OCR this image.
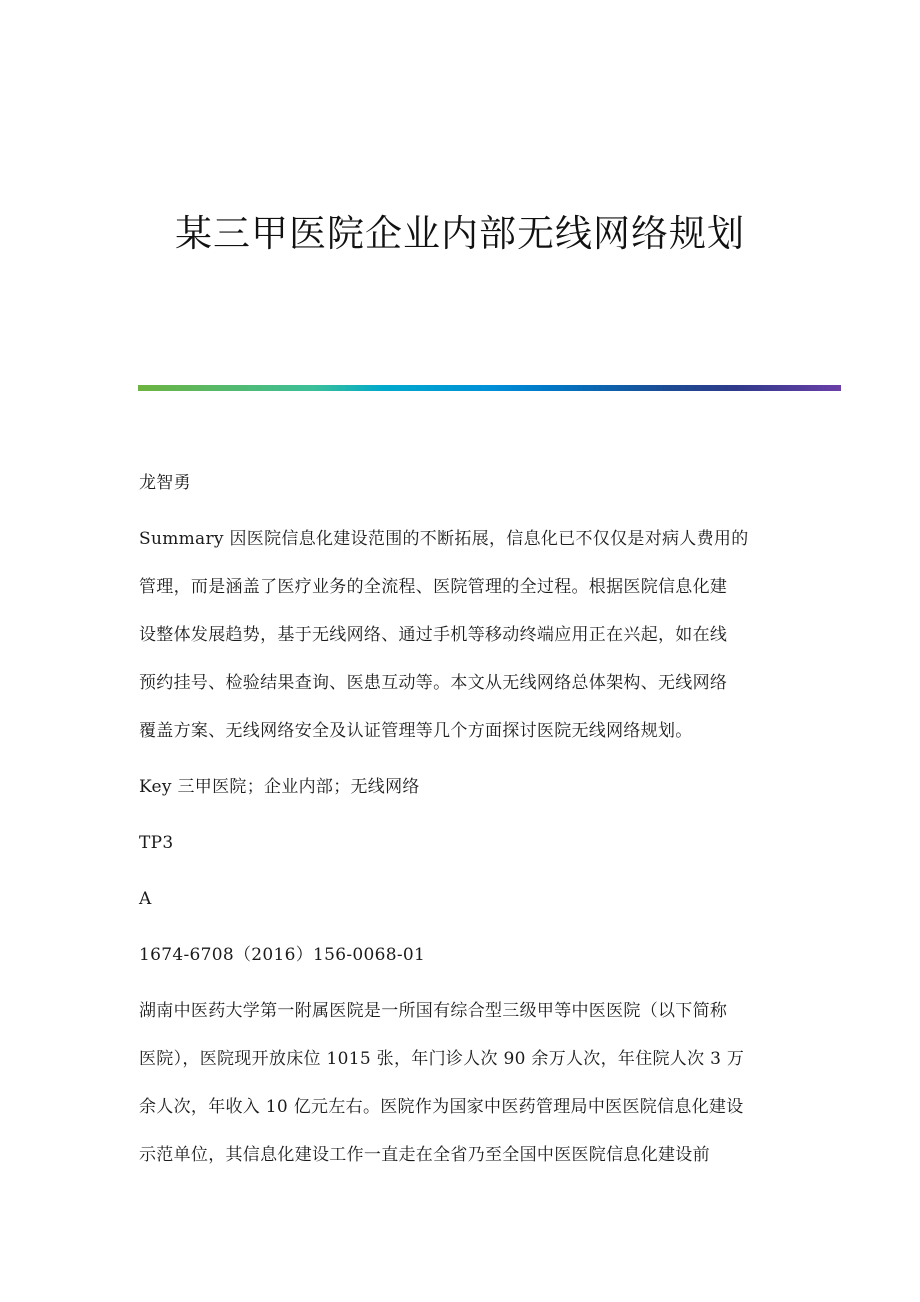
某三甲医院企业内部无线网络规划
龙智勇
Summary 因医院信息化建设范围的不断拓展，信息化已不仅仅是对病人费用的
管理，而是涵盖了医疗业务的全流程、医院管理的全过程。根据医院信息化建
设整体发展趋势，基于无线网络、通过手机等移动终端应用正在兴起，如在线
预约挂号、检验结果查询、医患互动等。本文从无线网络总体架构、无线网络
覆盖方案、无线网络安全及认证管理等几个方面探讨医院无线网络规划。
Key 三甲医院；企业内部；无线网络
TP3
A
1674-6708（2016）156-0068-01
湖南中医药大学第一附属医院是一所国有综合型三级甲等中医医院（以下简称
医院），医院现开放床位 1015 张，年门诊人次 90 余万人次，年住院人次 3 万
余人次，年收入 10 亿元左右。医院作为国家中医药管理局中医医院信息化建设
示范单位，其信息化建设工作一直走在全省乃至全国中医医院信息化建设前
